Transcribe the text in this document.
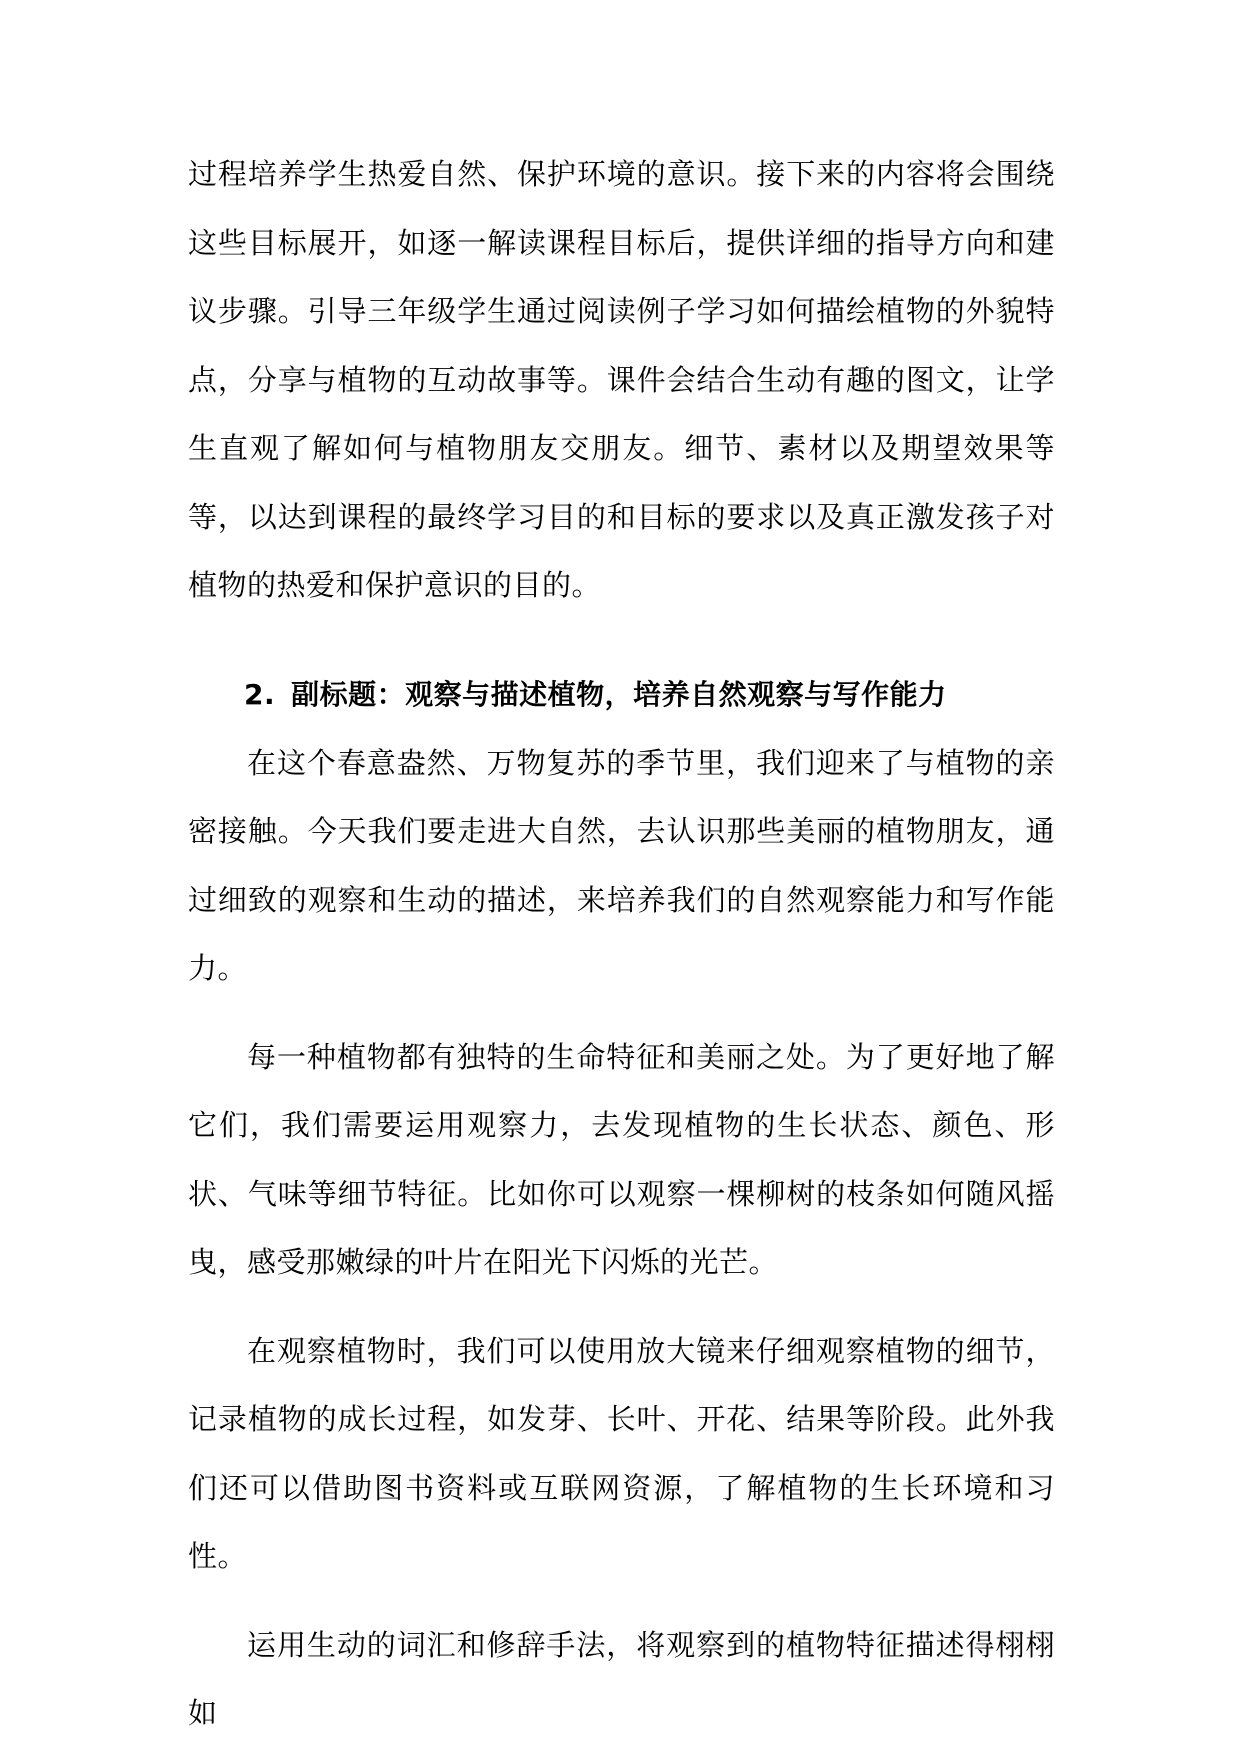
过程培养学生热爱自然、保护环境的意识。接下来的内容将会围绕这些目标展开，如逐一解读课程目标后，提供详细的指导方向和建议步骤。引导三年级学生通过阅读例子学习如何描绘植物的外貌特点，分享与植物的互动故事等。课件会结合生动有趣的图文，让学生直观了解如何与植物朋友交朋友。细节、素材以及期望效果等等，以达到课程的最终学习目的和目标的要求以及真正激发孩子对植物的热爱和保护意识的目的。

2. 副标题：观察与描述植物，培养自然观察与写作能力

在这个春意盎然、万物复苏的季节里，我们迎来了与植物的亲密接触。今天我们要走进大自然，去认识那些美丽的植物朋友，通过细致的观察和生动的描述，来培养我们的自然观察能力和写作能力。

每一种植物都有独特的生命特征和美丽之处。为了更好地了解它们，我们需要运用观察力，去发现植物的生长状态、颜色、形状、气味等细节特征。比如你可以观察一棵柳树的枝条如何随风摇曳，感受那嫩绿的叶片在阳光下闪烁的光芒。

在观察植物时，我们可以使用放大镜来仔细观察植物的细节，记录植物的成长过程，如发芽、长叶、开花、结果等阶段。此外我们还可以借助图书资料或互联网资源，了解植物的生长环境和习性。

运用生动的词汇和修辞手法，将观察到的植物特征描述得栩栩如
